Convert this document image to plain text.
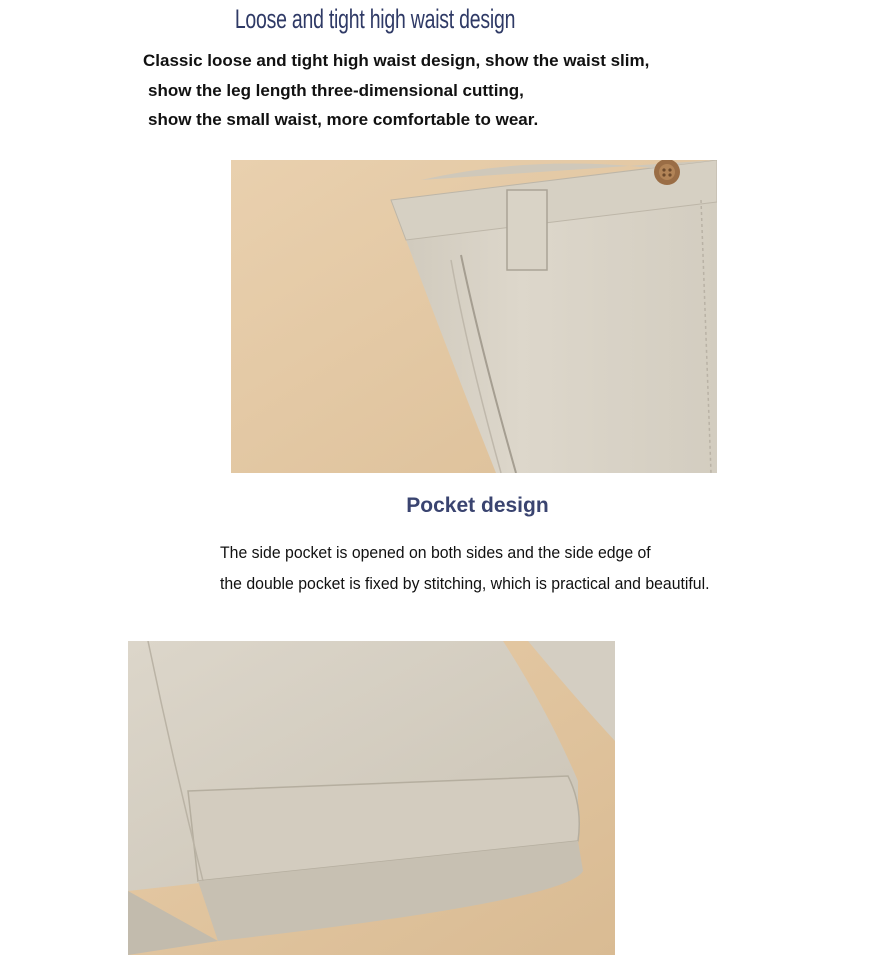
Loose and tight high waist design
Classic loose and tight high waist design, show the waist slim,
show the leg length three-dimensional cutting,
show the small waist, more comfortable to wear.
Pocket design
The side pocket is opened on both sides and the side edge of
the double pocket is fixed by stitching, which is practical and beautiful.
